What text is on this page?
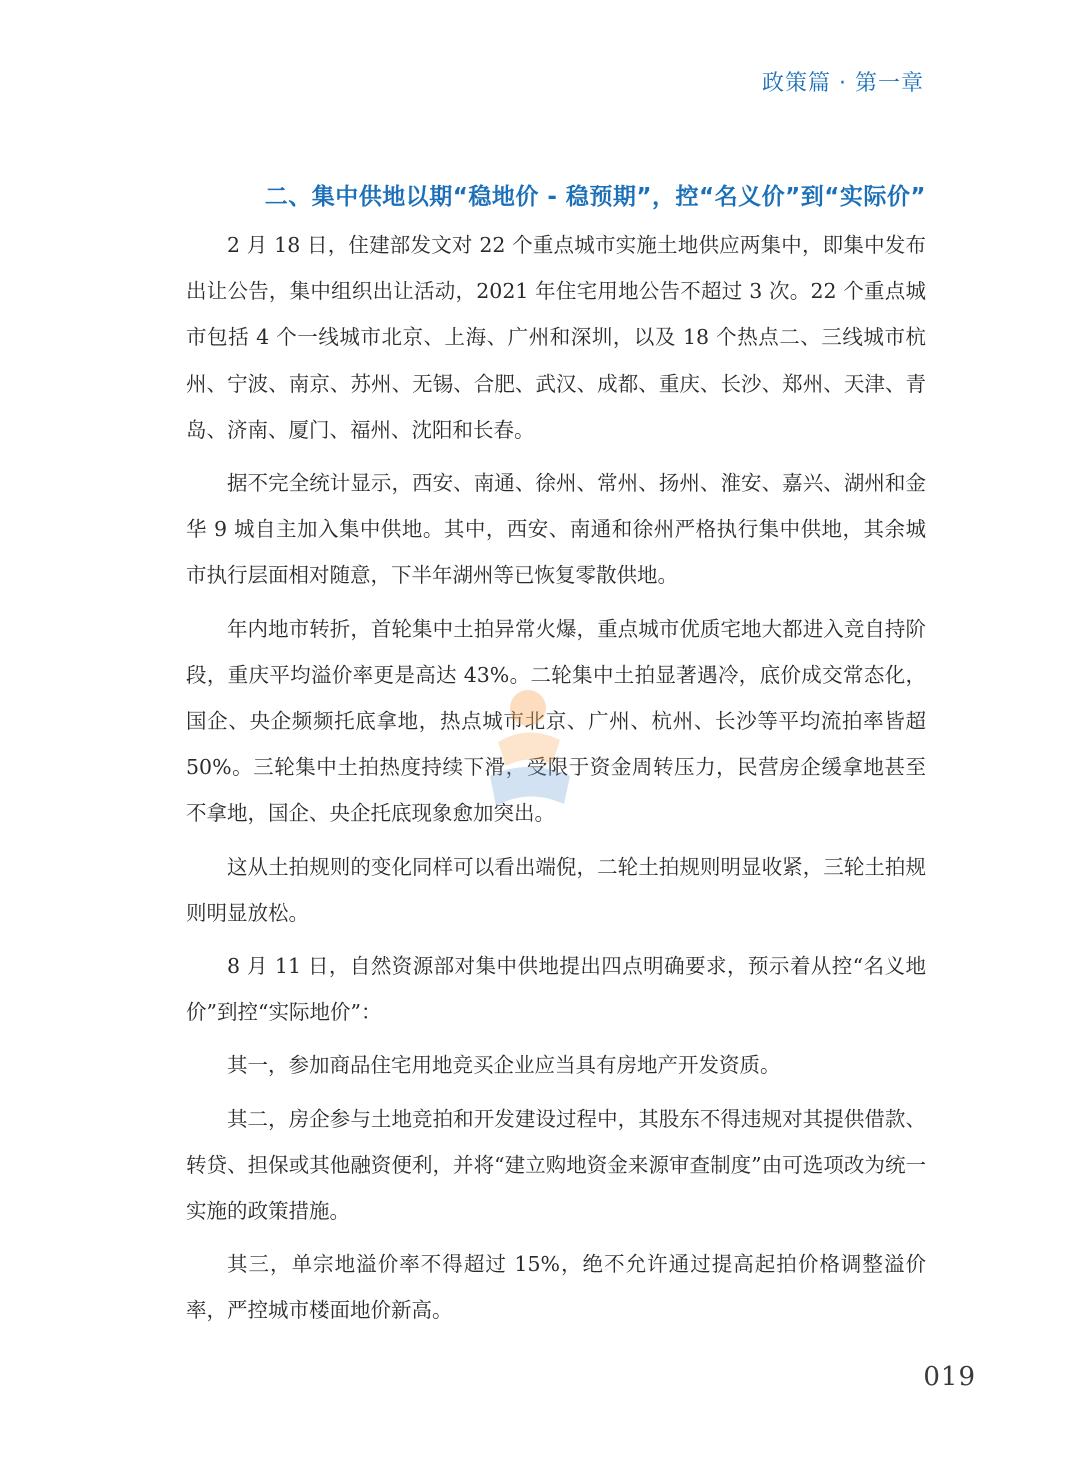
政策篇 · 第一章
二、集中供地以期“稳地价 - 稳预期”，控“名义价”到“实际价”

2 月 18 日，住建部发文对 22 个重点城市实施土地供应两集中，即集中发布出让公告，集中组织出让活动，2021 年住宅用地公告不超过 3 次。22 个重点城市包括 4 个一线城市北京、上海、广州和深圳，以及 18 个热点二、三线城市杭州、宁波、南京、苏州、无锡、合肥、武汉、成都、重庆、长沙、郑州、天津、青岛、济南、厦门、福州、沈阳和长春。

据不完全统计显示，西安、南通、徐州、常州、扬州、淮安、嘉兴、湖州和金华 9 城自主加入集中供地。其中，西安、南通和徐州严格执行集中供地，其余城市执行层面相对随意，下半年湖州等已恢复零散供地。

年内地市转折，首轮集中土拍异常火爆，重点城市优质宅地大都进入竞自持阶段，重庆平均溢价率更是高达 43%。二轮集中土拍显著遇冷，底价成交常态化，国企、央企频频托底拿地，热点城市北京、广州、杭州、长沙等平均流拍率皆超 50%。三轮集中土拍热度持续下滑，受限于资金周转压力，民营房企缓拿地甚至不拿地，国企、央企托底现象愈加突出。

这从土拍规则的变化同样可以看出端倪，二轮土拍规则明显收紧，三轮土拍规则明显放松。

8 月 11 日，自然资源部对集中供地提出四点明确要求，预示着从控“名义地价”到控“实际地价”：

其一，参加商品住宅用地竞买企业应当具有房地产开发资质。

其二，房企参与土地竞拍和开发建设过程中，其股东不得违规对其提供借款、转贷、担保或其他融资便利，并将“建立购地资金来源审查制度”由可选项改为统一实施的政策措施。

其三，单宗地溢价率不得超过 15%，绝不允许通过提高起拍价格调整溢价率，严控城市楼面地价新高。

019
